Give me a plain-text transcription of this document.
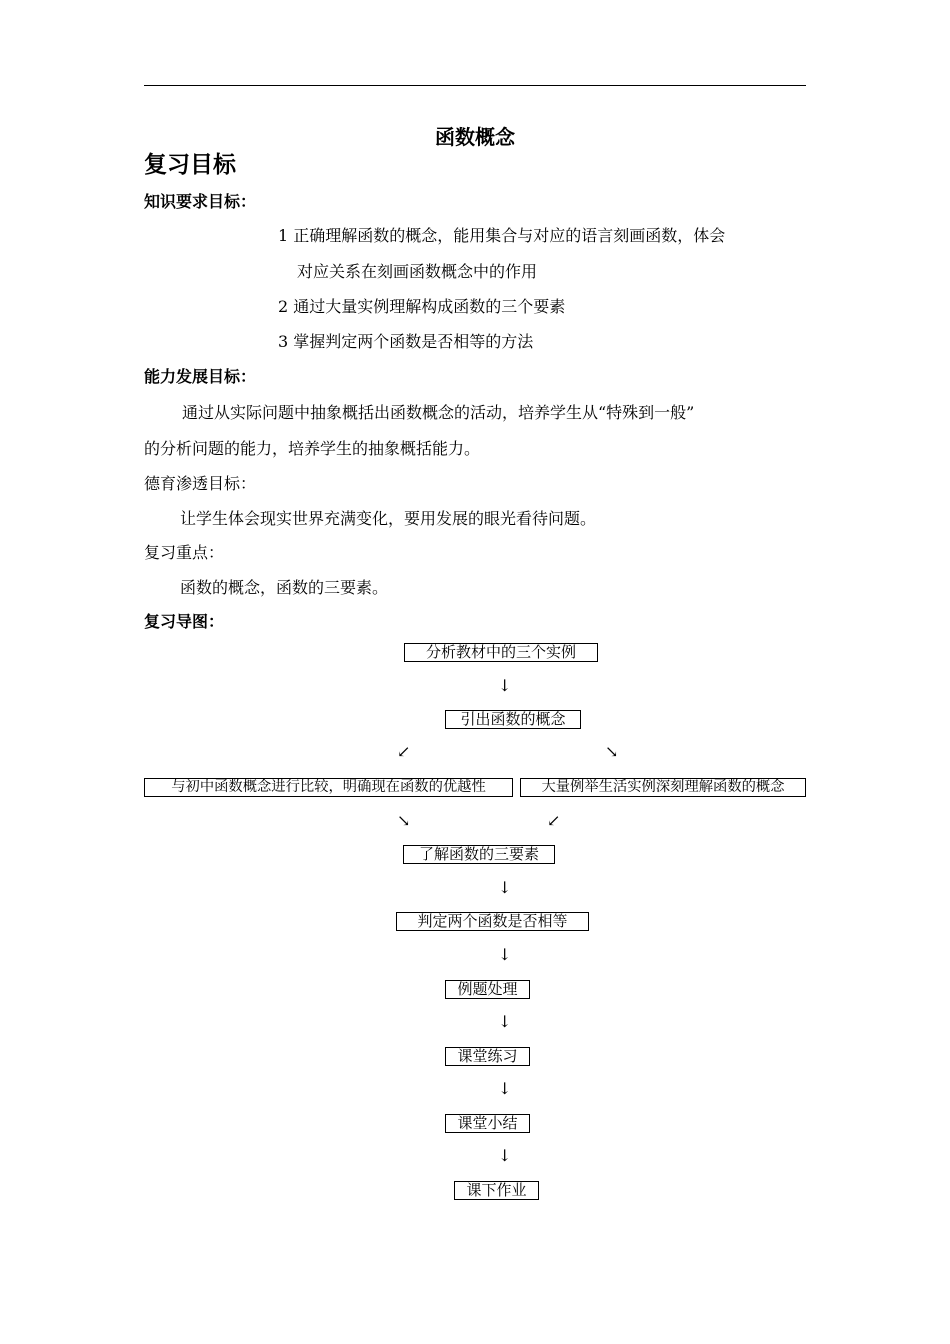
函数概念
复习目标
知识要求目标：
1 正确理解函数的概念，能用集合与对应的语言刻画函数，体会
对应关系在刻画函数概念中的作用
2 通过大量实例理解构成函数的三个要素
3 掌握判定两个函数是否相等的方法
能力发展目标：
通过从实际问题中抽象概括出函数概念的活动，培养学生从“特殊到一般”
的分析问题的能力，培养学生的抽象概括能力。
德育渗透目标：
让学生体会现实世界充满变化，要用发展的眼光看待问题。
复习重点：
函数的概念，函数的三要素。
复习导图：
分析教材中的三个实例
↓
引出函数的概念
↙	↘
与初中函数概念进行比较，明确现在函数的优越性	大量例举生活实例深刻理解函数的概念
↘	↙
了解函数的三要素
↓
判定两个函数是否相等
↓
例题处理
↓
课堂练习
↓
课堂小结
↓
课下作业
